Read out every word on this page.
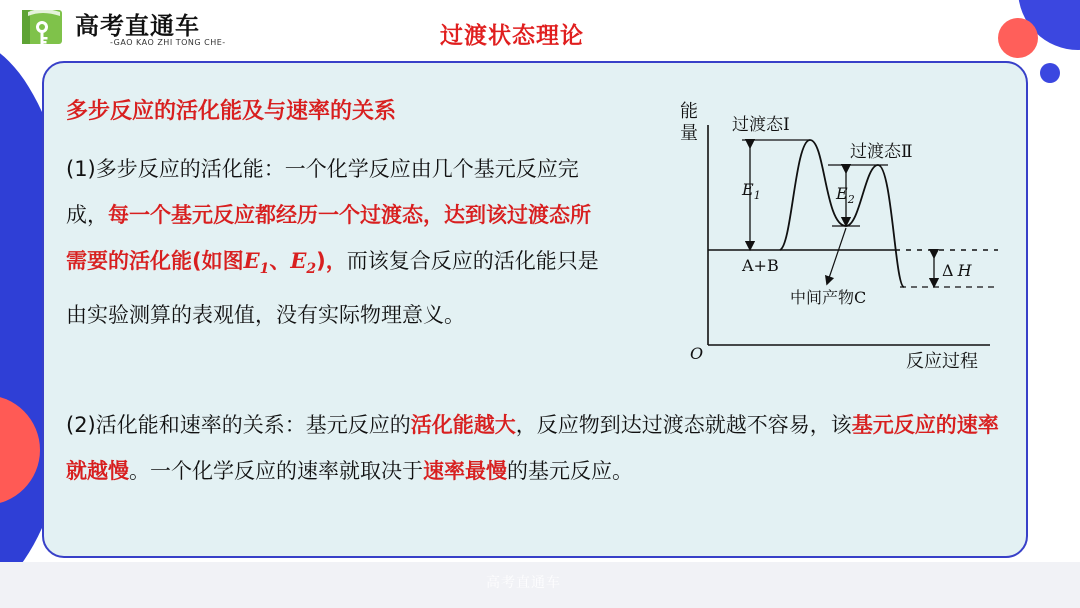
高考直通车
-GAO KAO ZHI TONG CHE-	过渡状态理论
多步反应的活化能及与速率的关系
(1)多步反应的活化能：一个化学反应由几个基元反应完成，每一个基元反应都经历一个过渡态，达到该过渡态所需要的活化能(如图$E_1$、$E_2$)，而该复合反应的活化能只是由实验测算的表观值，没有实际物理意义。
能
量
O	反应过程
$E_1$	$E_2$
Δ H
过渡态Ⅰ
过渡态Ⅱ
A+B
中间产物C
(2)活化能和速率的关系：基元反应的活化能越大，反应物到达过渡态就越不容易，该基元反应的速率就越慢。一个化学反应的速率就取决于速率最慢的基元反应。
高考直通车
